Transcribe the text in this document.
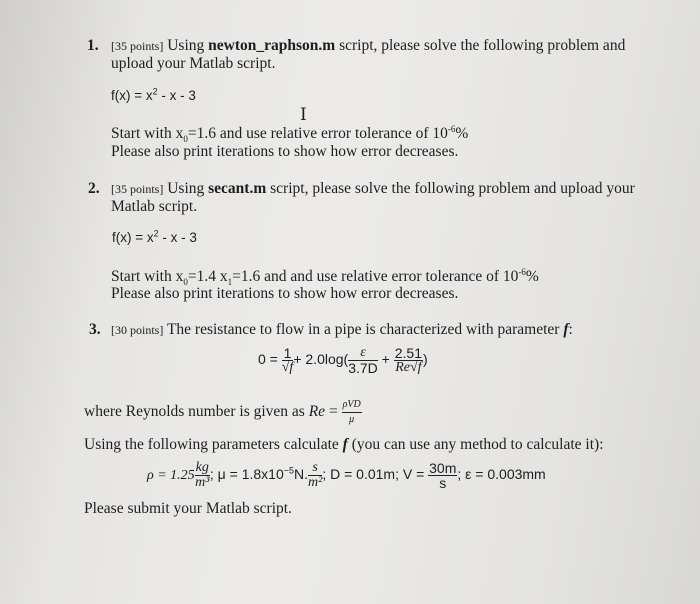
1. [35 points] Using newton_raphson.m script, please solve the following problem and
upload your Matlab script.
$f(x) = x^2 - x - 3$
I
Start with $x_0=1.6$ and use relative error tolerance of $10^{-6}\%$
Please also print iterations to show how error decreases.
2. [35 points] Using secant.m script, please solve the following problem and upload your
Matlab script.
$f(x) = x^2 - x - 3$
Start with $x_0=1.4$ $x_1=1.6$ and and use relative error tolerance of $10^{-6}\%$
Please also print iterations to show how error decreases.
3. [30 points] The resistance to flow in a pipe is characterized with parameter f:
$0 = \frac{1}{√f} + 2.0\log( \frac{\varepsilon}{3.7D} + \frac{2.51}{Re√f}$ )
where Reynolds number is given as $Re = \frac{\text{ρVD}}{\mu}$
Using the following parameters calculate f (you can use any method to calculate it):
$\rho = 1.25 \frac{kg}{\text{m³}}$ ; $\mu = 1.8x10^{-5}N$. $\frac{s}{\text{m²}}$ ; D = 0.01m; $V = \frac{30m}{s}$ ; ε = 0.003mm
Please submit your Matlab script.
